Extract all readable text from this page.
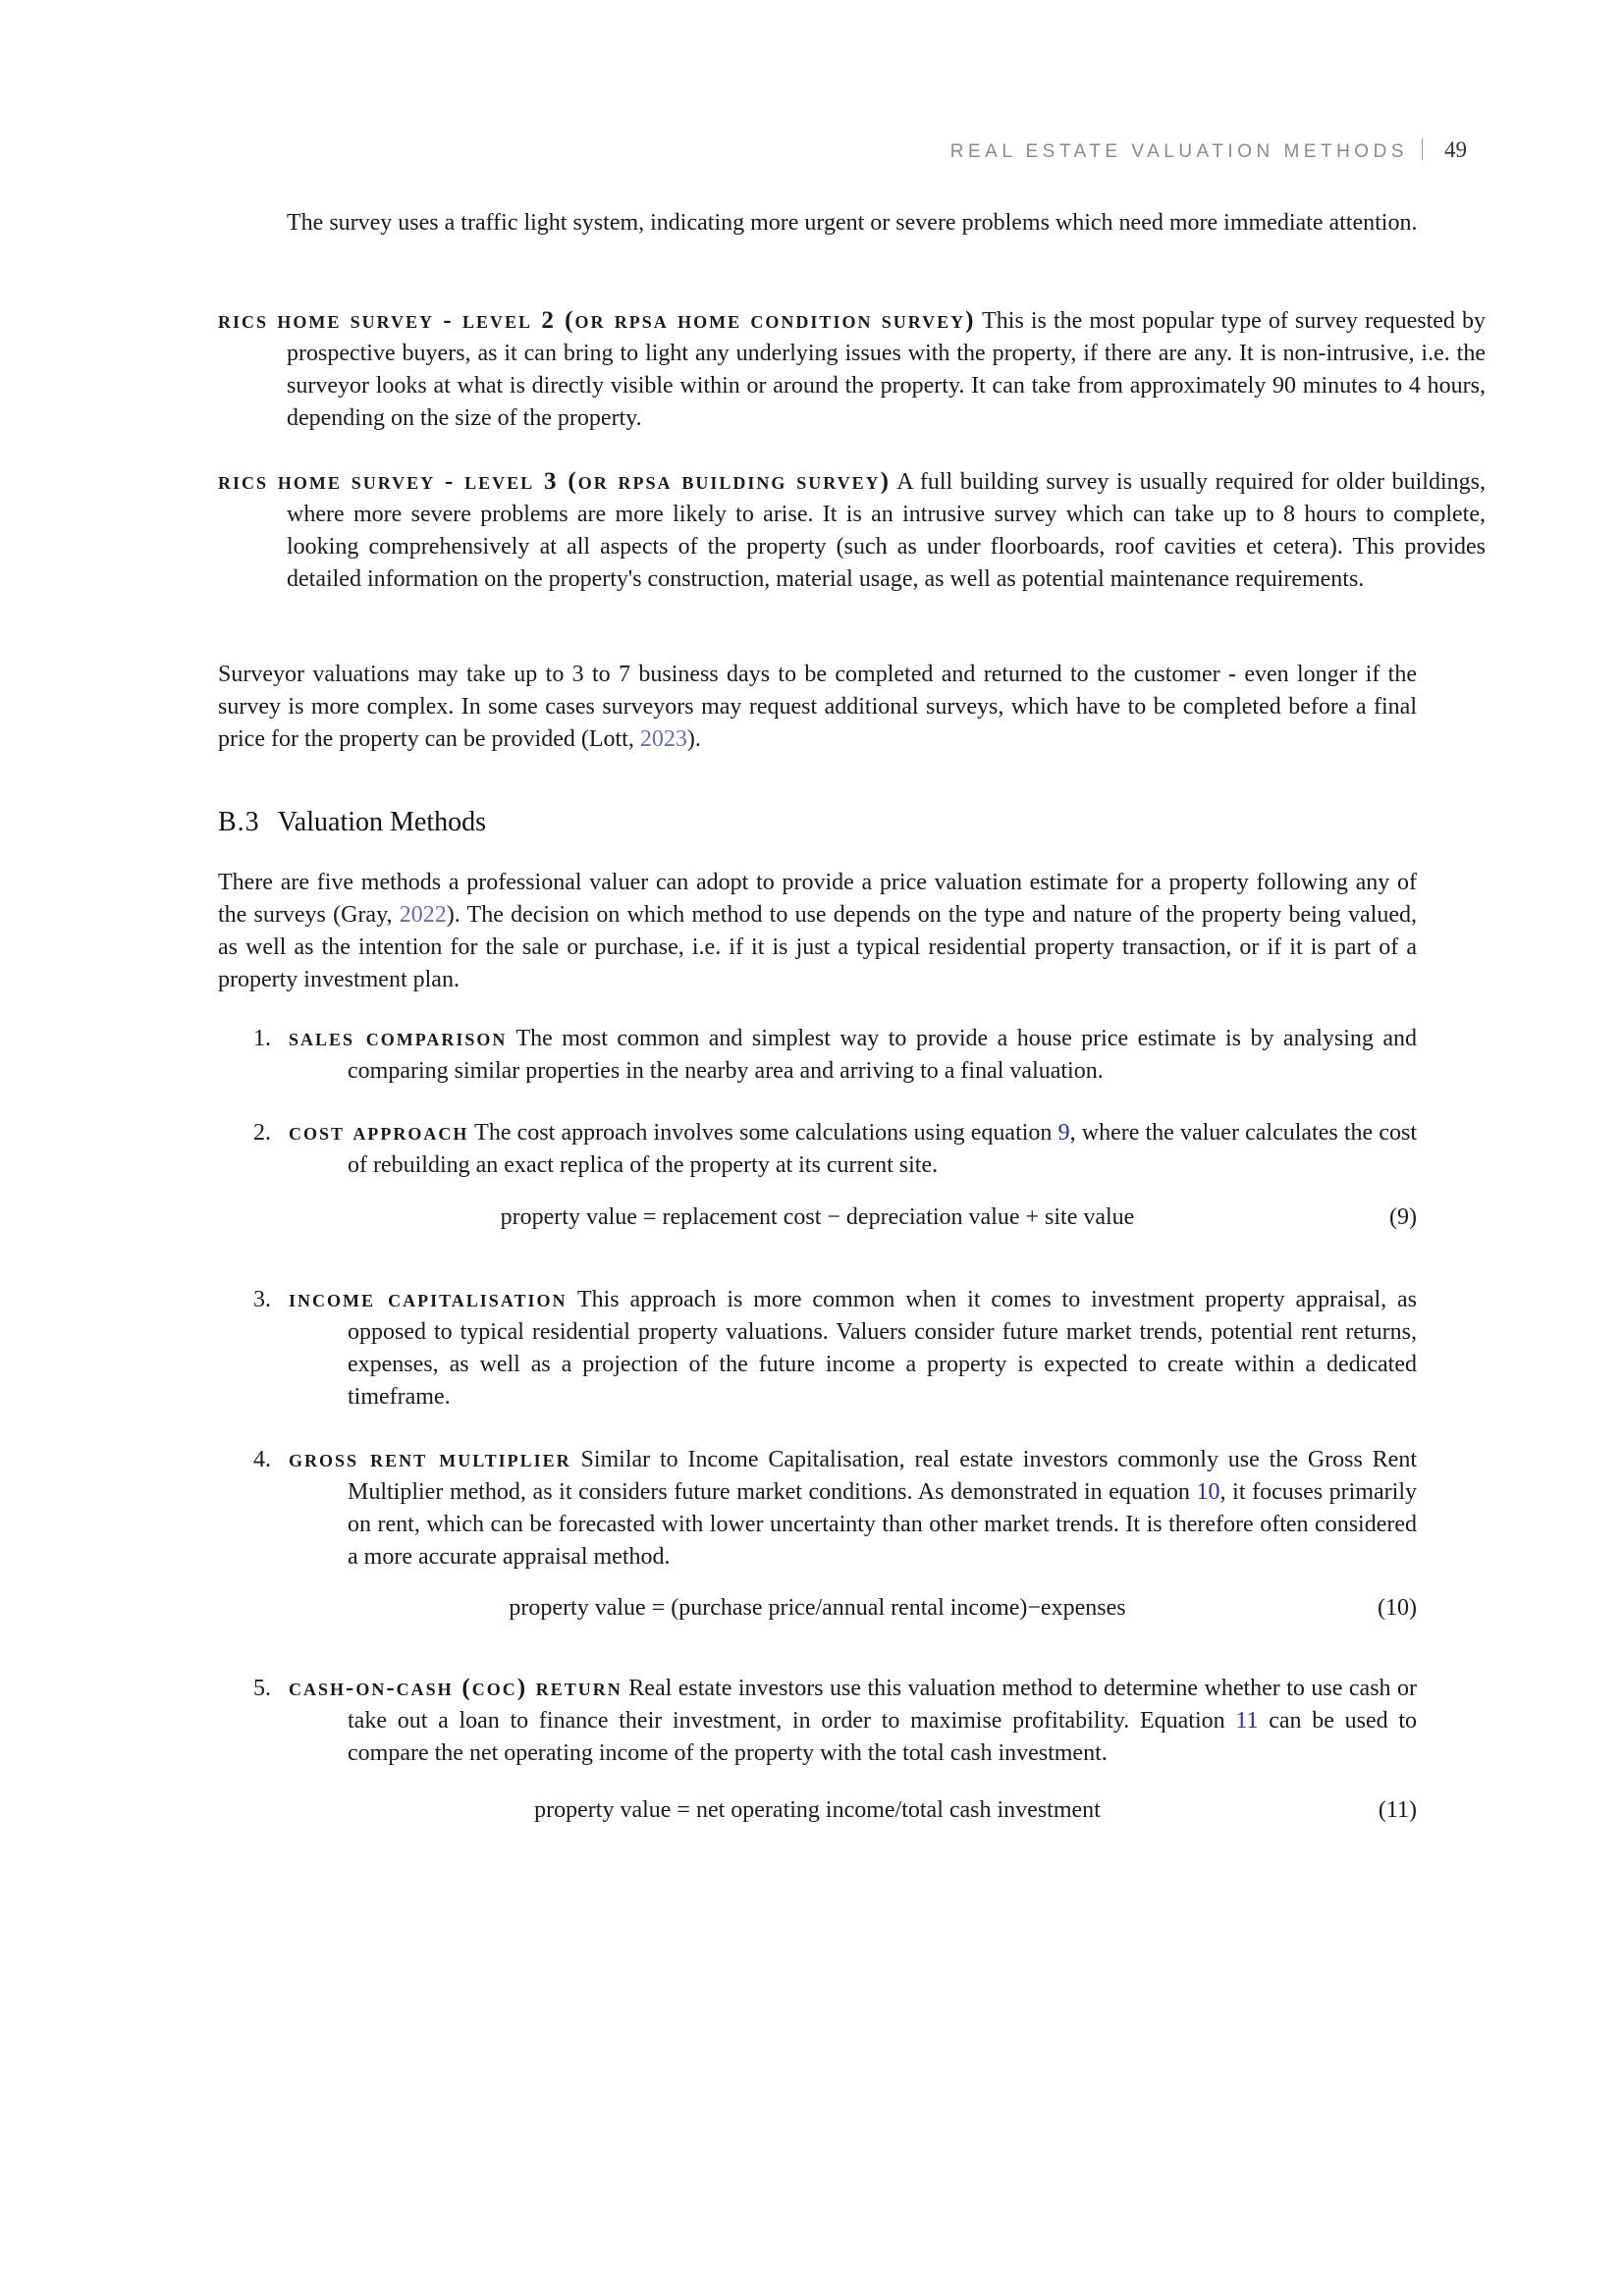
REAL ESTATE VALUATION METHODS 49

The survey uses a traffic light system, indicating more urgent or severe problems which need more immediate attention.

rics home survey - level 2 (or rpsa home condition survey) This is the most popular type of survey requested by prospective buyers, as it can bring to light any underlying issues with the property, if there are any. It is non-intrusive, i.e. the surveyor looks at what is directly visible within or around the property. It can take from approximately 90 minutes to 4 hours, depending on the size of the property.

rics home survey - level 3 (or rpsa building survey) A full building survey is usually required for older buildings, where more severe problems are more likely to arise. It is an intrusive survey which can take up to 8 hours to complete, looking comprehensively at all aspects of the property (such as under floorboards, roof cavities et cetera). This provides detailed information on the property's construction, material usage, as well as potential maintenance requirements.

Surveyor valuations may take up to 3 to 7 business days to be completed and returned to the customer - even longer if the survey is more complex. In some cases surveyors may request additional surveys, which have to be completed before a final price for the property can be provided (Lott, 2023).

B.3 Valuation Methods

There are five methods a professional valuer can adopt to provide a price valuation estimate for a property following any of the surveys (Gray, 2022). The decision on which method to use depends on the type and nature of the property being valued, as well as the intention for the sale or purchase, i.e. if it is just a typical residential property transaction, or if it is part of a property investment plan.

1. sales comparison The most common and simplest way to provide a house price estimate is by analysing and comparing similar properties in the nearby area and arriving to a final valuation.

2. cost approach The cost approach involves some calculations using equation 9, where the valuer calculates the cost of rebuilding an exact replica of the property at its current site.

property value = replacement cost − depreciation value + site value	(9)

3. income capitalisation This approach is more common when it comes to investment property appraisal, as opposed to typical residential property valuations. Valuers consider future market trends, potential rent returns, expenses, as well as a projection of the future income a property is expected to create within a dedicated timeframe.

4. gross rent multiplier Similar to Income Capitalisation, real estate investors commonly use the Gross Rent Multiplier method, as it considers future market conditions. As demonstrated in equation 10, it focuses primarily on rent, which can be forecasted with lower uncertainty than other market trends. It is therefore often considered a more accurate appraisal method.

property value = (purchase price/annual rental income)−expenses	(10)

5. cash-on-cash (coc) return Real estate investors use this valuation method to determine whether to use cash or take out a loan to finance their investment, in order to maximise profitability. Equation 11 can be used to compare the net operating income of the property with the total cash investment.

property value = net operating income/total cash investment	(11)
